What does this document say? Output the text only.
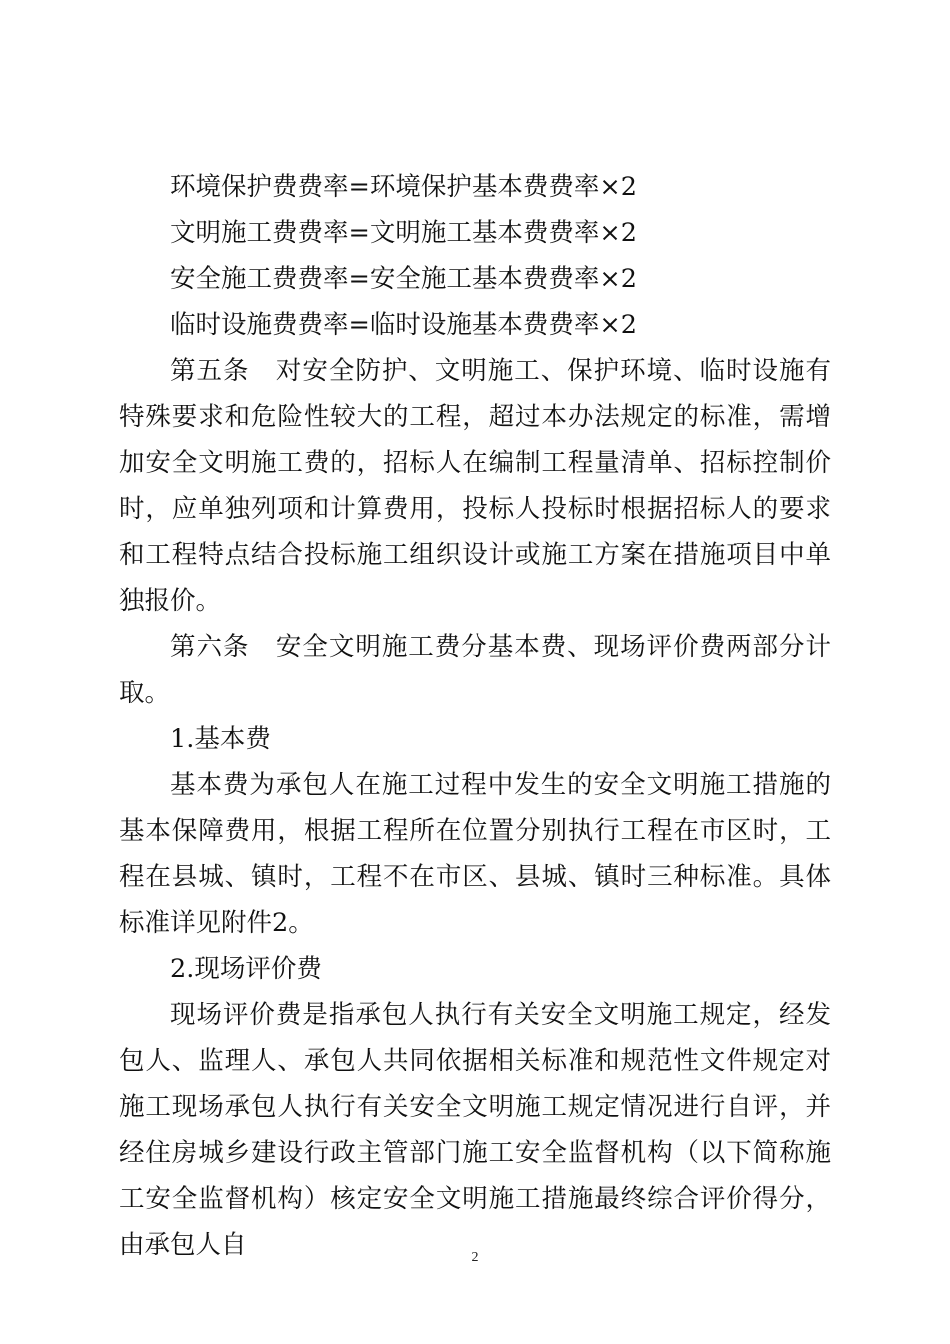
环境保护费费率=环境保护基本费费率×2

文明施工费费率=文明施工基本费费率×2

安全施工费费率=安全施工基本费费率×2

临时设施费费率=临时设施基本费费率×2

第五条　对安全防护、文明施工、保护环境、临时设施有特殊要求和危险性较大的工程，超过本办法规定的标准，需增加安全文明施工费的，招标人在编制工程量清单、招标控制价时，应单独列项和计算费用，投标人投标时根据招标人的要求和工程特点结合投标施工组织设计或施工方案在措施项目中单独报价。

第六条　安全文明施工费分基本费、现场评价费两部分计取。

1.基本费

基本费为承包人在施工过程中发生的安全文明施工措施的基本保障费用，根据工程所在位置分别执行工程在市区时，工程在县城、镇时，工程不在市区、县城、镇时三种标准。具体标准详见附件2。

2.现场评价费

现场评价费是指承包人执行有关安全文明施工规定，经发包人、监理人、承包人共同依据相关标准和规范性文件规定对施工现场承包人执行有关安全文明施工规定情况进行自评，并经住房城乡建设行政主管部门施工安全监督机构（以下简称施工安全监督机构）核定安全文明施工措施最终综合评价得分，由承包人自	2
